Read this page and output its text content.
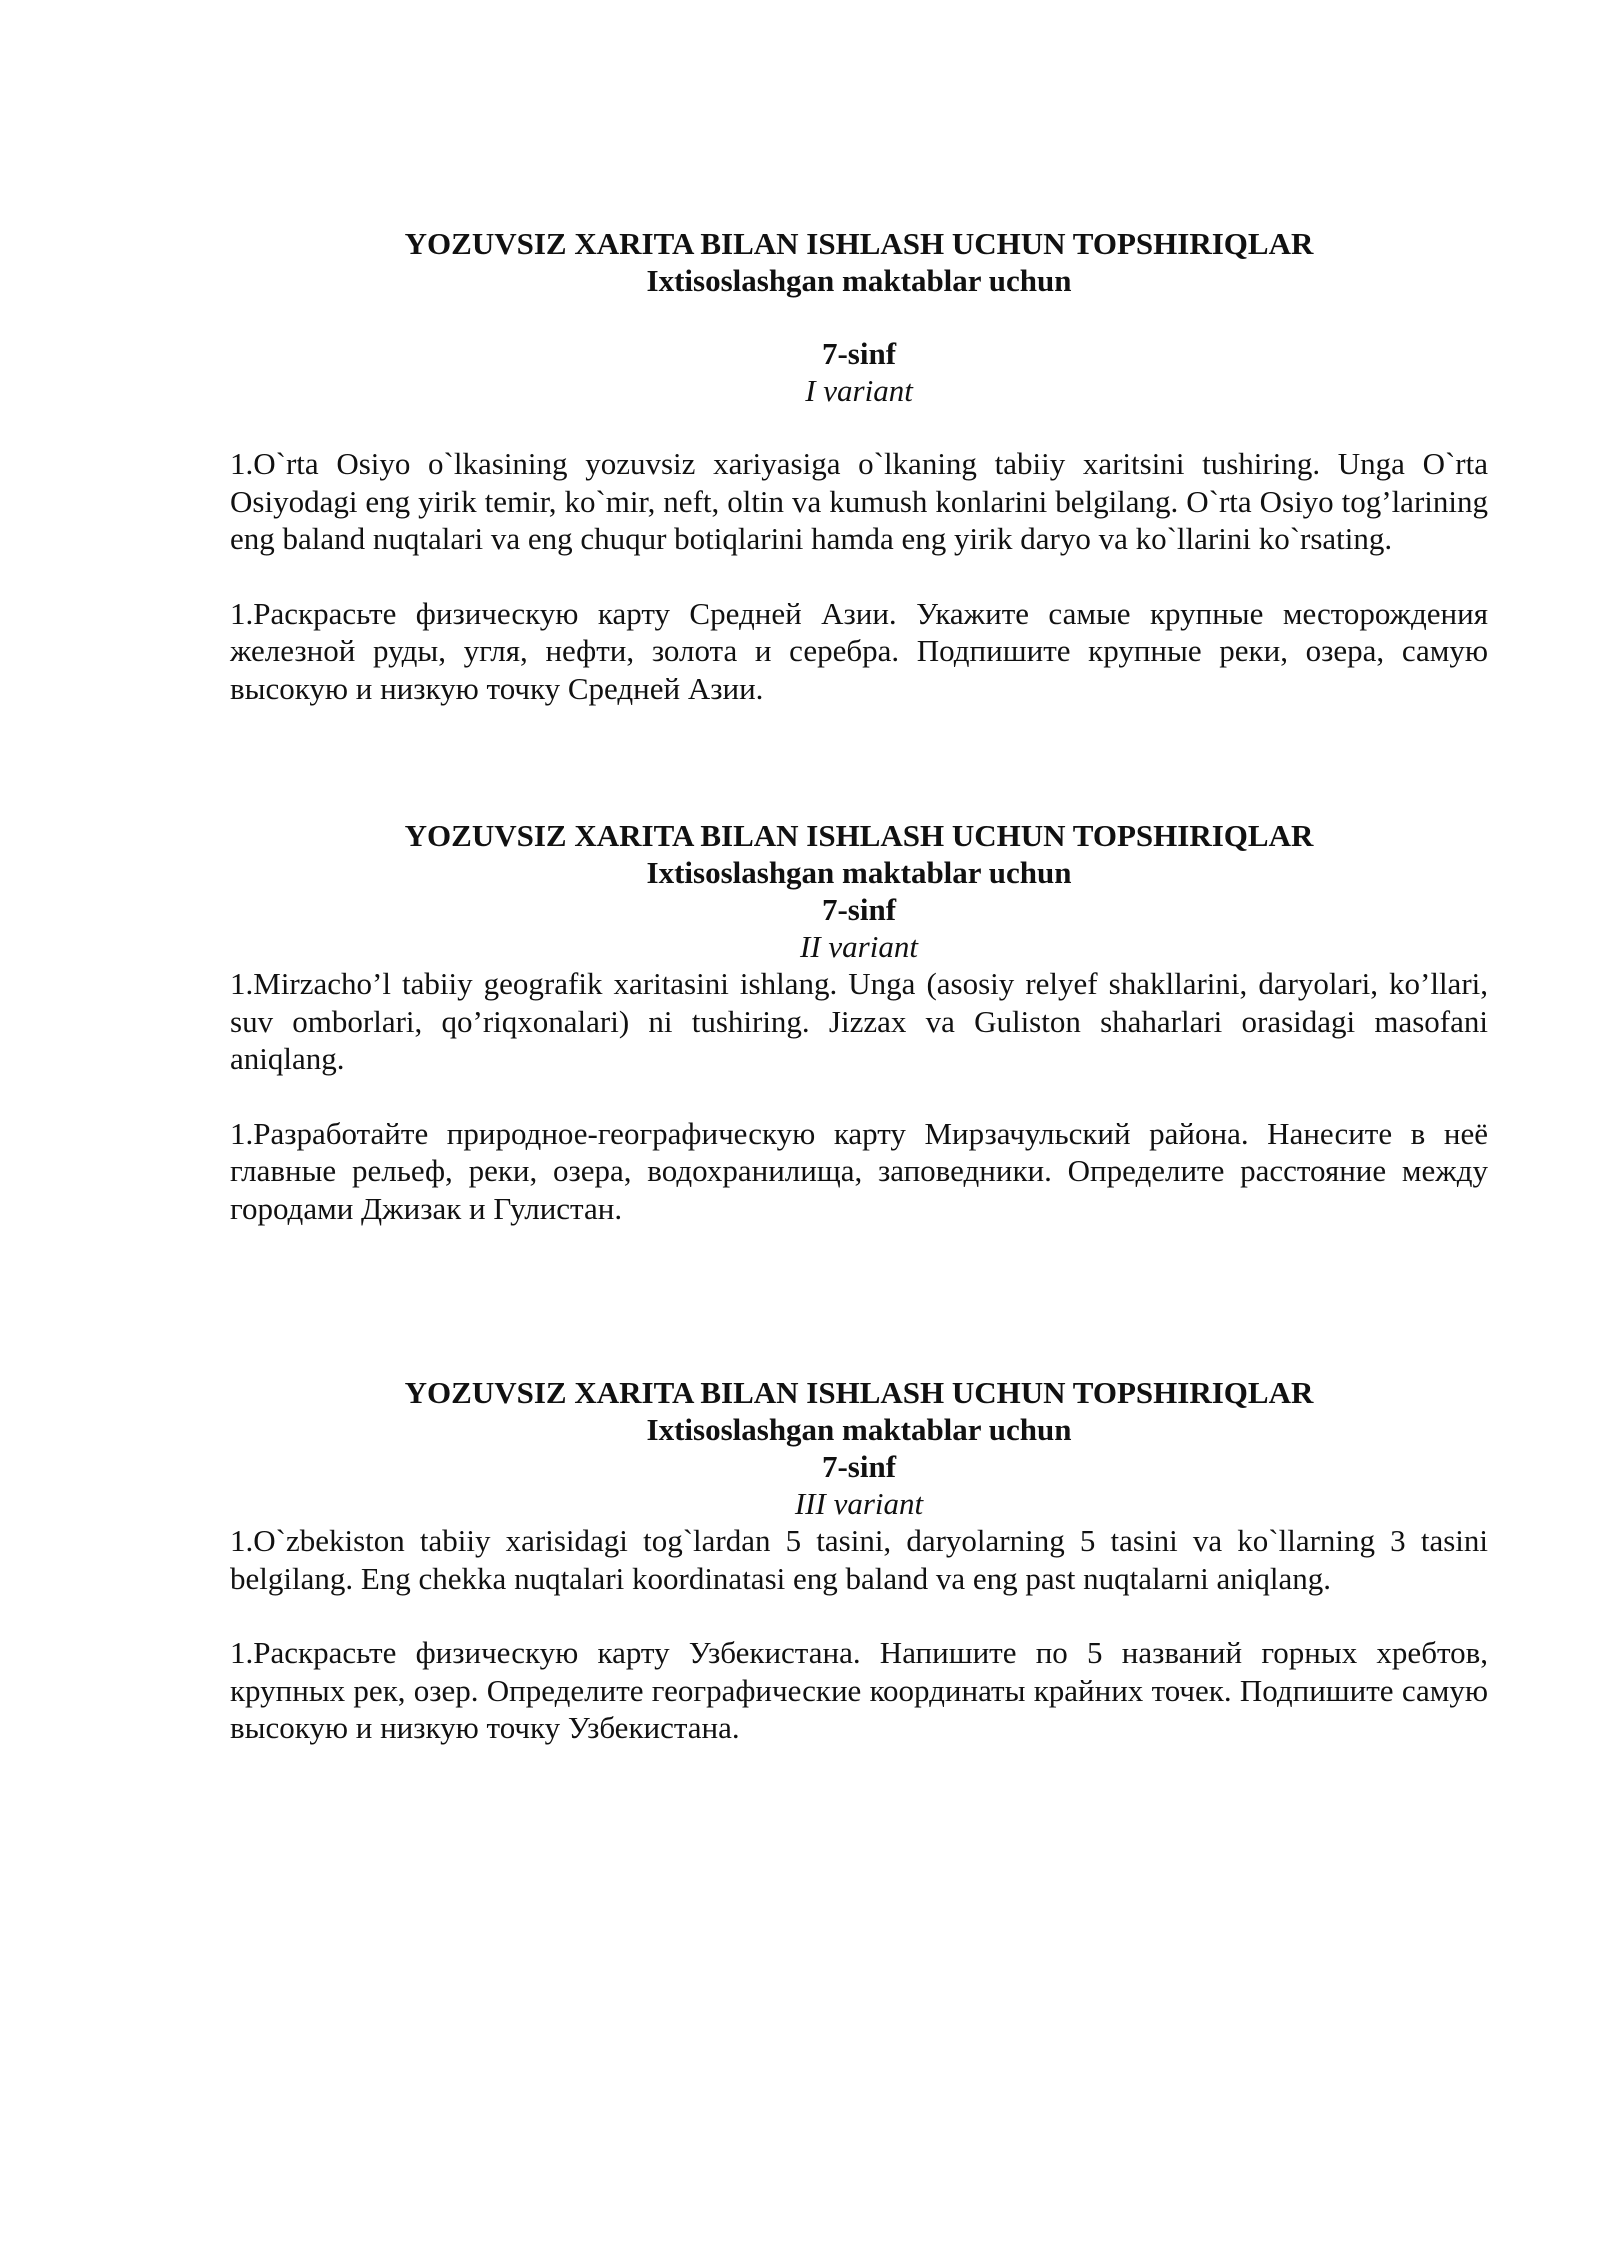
YOZUVSIZ XARITA BILAN ISHLASH UCHUN TOPSHIRIQLAR
Ixtisoslashgan maktablar uchun
7-sinf
I variant

1.O`rta Osiyo o`lkasining yozuvsiz xariyasiga o`lkaning tabiiy xaritsini tushiring. Unga O`rta Osiyodagi eng yirik temir, ko`mir, neft, oltin va kumush konlarini belgilang. O`rta Osiyo tog’larining eng baland nuqtalari va eng chuqur botiqlarini hamda eng yirik daryo va ko`llarini ko`rsating.

1.Раскрасьте физическую карту Средней Азии. Укажите самые крупные месторождения железной руды, угля, нефти, золота и серебра. Подпишите крупные реки, озера, самую высокую и низкую точку Средней Азии.

YOZUVSIZ XARITA BILAN ISHLASH UCHUN TOPSHIRIQLAR
Ixtisoslashgan maktablar uchun
7-sinf
II variant

1.Mirzacho’l tabiiy geografik xaritasini ishlang. Unga (asosiy relyef shakllarini, daryolari, ko’llari, suv omborlari, qo’riqxonalari) ni tushiring. Jizzax va Guliston shaharlari orasidagi masofani aniqlang.

1.Разработайте природное-географическую карту Мирзачульский района. Нанесите в неё главные рельеф, реки, озера, водохранилища, заповедники. Определите расстояние между городами Джизак и Гулистан.

YOZUVSIZ XARITA BILAN ISHLASH UCHUN TOPSHIRIQLAR
Ixtisoslashgan maktablar uchun
7-sinf
III variant

1.O`zbekiston tabiiy xarisidagi tog`lardan 5 tasini, daryolarning 5 tasini va ko`llarning 3 tasini belgilang. Eng chekka nuqtalari koordinatasi eng baland va eng past nuqtalarni aniqlang.

1.Раскрасьте физическую карту Узбекистана. Напишите по 5 названий горных хребтов, крупных рек, озер. Определите географические координаты крайних точек. Подпишите самую высокую и низкую точку Узбекистана.
